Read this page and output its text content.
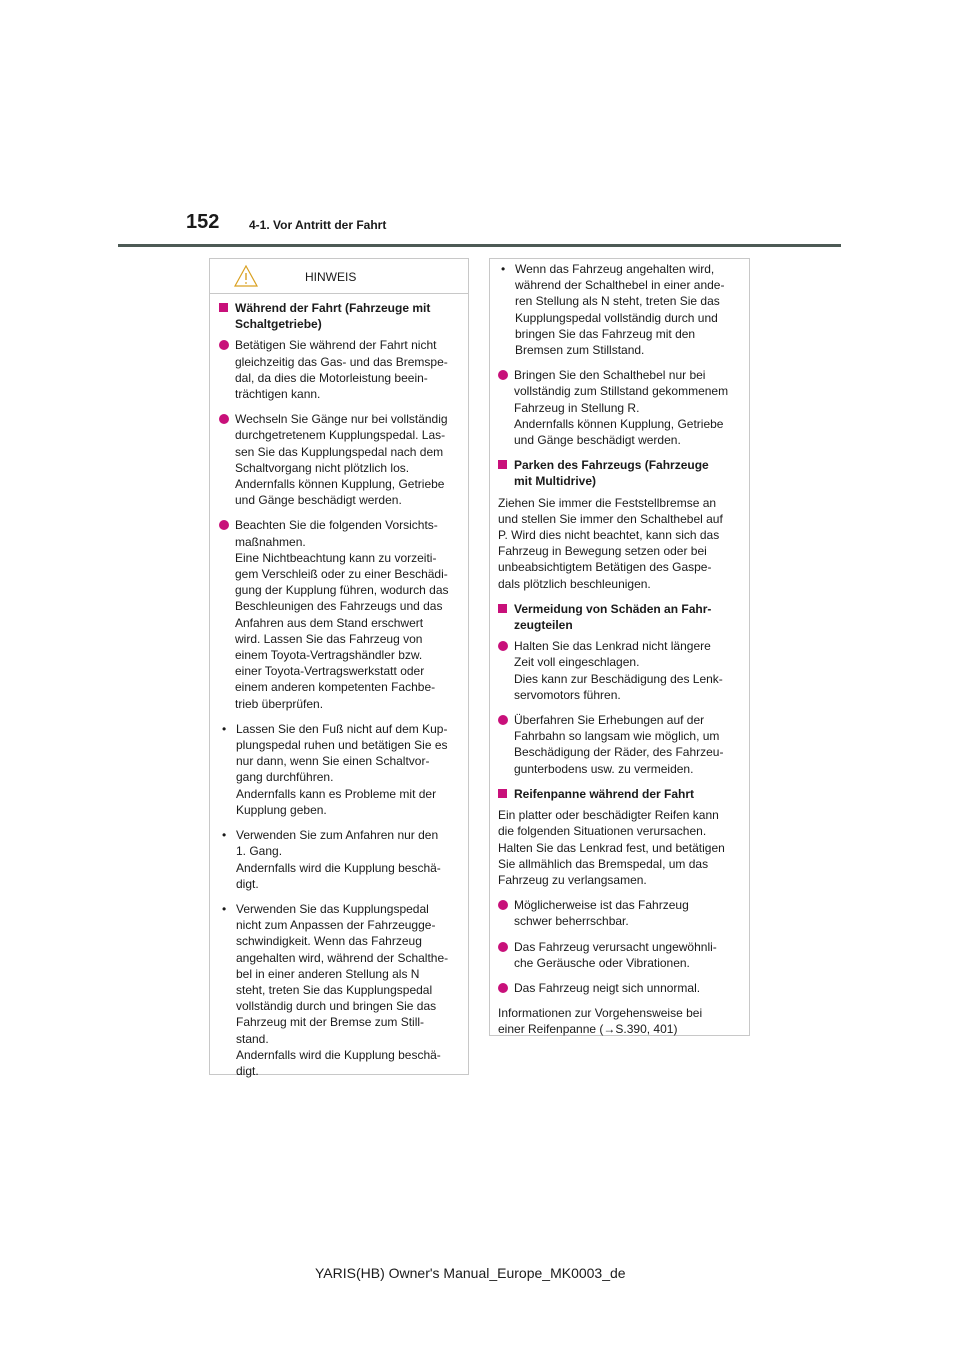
152 4-1. Vor Antritt der Fahrt
HINWEIS
Während der Fahrt (Fahrzeuge mit
Schaltgetriebe)
Betätigen Sie während der Fahrt nicht
gleichzeitig das Gas- und das Bremspe-
dal, da dies die Motorleistung beein-
trächtigen kann.
Wechseln Sie Gänge nur bei vollständig
durchgetretenem Kupplungspedal. Las-
sen Sie das Kupplungspedal nach dem
Schaltvorgang nicht plötzlich los.
Andernfalls können Kupplung, Getriebe
und Gänge beschädigt werden.
Beachten Sie die folgenden Vorsichts-
maßnahmen.
Eine Nichtbeachtung kann zu vorzeiti-
gem Verschleiß oder zu einer Beschädi-
gung der Kupplung führen, wodurch das
Beschleunigen des Fahrzeugs und das
Anfahren aus dem Stand erschwert
wird. Lassen Sie das Fahrzeug von
einem Toyota-Vertragshändler bzw.
einer Toyota-Vertragswerkstatt oder
einem anderen kompetenten Fachbe-
trieb überprüfen.
• Lassen Sie den Fuß nicht auf dem Kup-
plungspedal ruhen und betätigen Sie es
nur dann, wenn Sie einen Schaltvor-
gang durchführen.
Andernfalls kann es Probleme mit der
Kupplung geben.
• Verwenden Sie zum Anfahren nur den
1. Gang.
Andernfalls wird die Kupplung beschä-
digt.
• Verwenden Sie das Kupplungspedal
nicht zum Anpassen der Fahrzeugge-
schwindigkeit. Wenn das Fahrzeug
angehalten wird, während der Schalthe-
bel in einer anderen Stellung als N
steht, treten Sie das Kupplungspedal
vollständig durch und bringen Sie das
Fahrzeug mit der Bremse zum Still-
stand.
Andernfalls wird die Kupplung beschä-
digt.
• Wenn das Fahrzeug angehalten wird,
während der Schalthebel in einer ande-
ren Stellung als N steht, treten Sie das
Kupplungspedal vollständig durch und
bringen Sie das Fahrzeug mit den
Bremsen zum Stillstand.
Bringen Sie den Schalthebel nur bei
vollständig zum Stillstand gekommenem
Fahrzeug in Stellung R.
Andernfalls können Kupplung, Getriebe
und Gänge beschädigt werden.
Parken des Fahrzeugs (Fahrzeuge
mit Multidrive)
Ziehen Sie immer die Feststellbremse an
und stellen Sie immer den Schalthebel auf
P. Wird dies nicht beachtet, kann sich das
Fahrzeug in Bewegung setzen oder bei
unbeabsichtigtem Betätigen des Gaspe-
dals plötzlich beschleunigen.
Vermeidung von Schäden an Fahr-
zeugteilen
Halten Sie das Lenkrad nicht längere
Zeit voll eingeschlagen.
Dies kann zur Beschädigung des Lenk-
servomotors führen.
Überfahren Sie Erhebungen auf der
Fahrbahn so langsam wie möglich, um
Beschädigung der Räder, des Fahrzeu-
gunterbodens usw. zu vermeiden.
Reifenpanne während der Fahrt
Ein platter oder beschädigter Reifen kann
die folgenden Situationen verursachen.
Halten Sie das Lenkrad fest, und betätigen
Sie allmählich das Bremspedal, um das
Fahrzeug zu verlangsamen.
Möglicherweise ist das Fahrzeug
schwer beherrschbar.
Das Fahrzeug verursacht ungewöhnli-
che Geräusche oder Vibrationen.
Das Fahrzeug neigt sich unnormal.
Informationen zur Vorgehensweise bei
einer Reifenpanne (→S.390, 401)
YARIS(HB) Owner's Manual_Europe_MK0003_de
